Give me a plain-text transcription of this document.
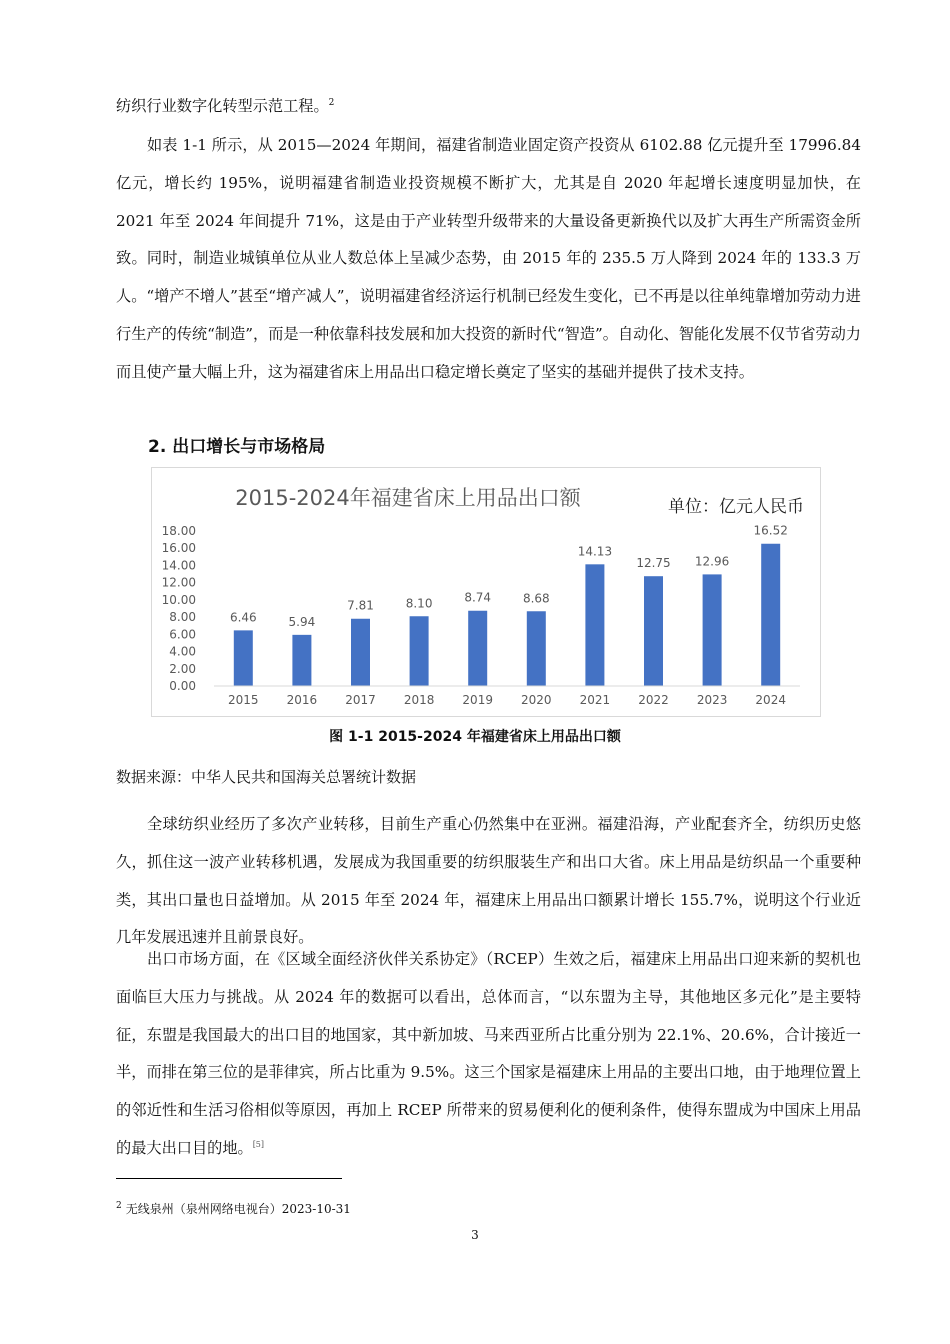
纺织行业数字化转型示范工程。$^2$

如表 1-1 所示，从 2015—2024 年期间，福建省制造业固定资产投资从 6102.88 亿元提升至 17996.84 亿元，增长约 195%，说明福建省制造业投资规模不断扩大，尤其是自 2020 年起增长速度明显加快，在 2021 年至 2024 年间提升 71%，这是由于产业转型升级带来的大量设备更新换代以及扩大再生产所需资金所致。同时，制造业城镇单位从业人数总体上呈减少态势，由 2015 年的 235.5 万人降到 2024 年的 133.3 万人。“增产不增人”甚至“增产减人”，说明福建省经济运行机制已经发生变化，已不再是以往单纯靠增加劳动力进行生产的传统“制造”，而是一种依靠科技发展和加大投资的新时代“智造”。自动化、智能化发展不仅节省劳动力而且使产量大幅上升，这为福建省床上用品出口稳定增长奠定了坚实的基础并提供了技术支持。

2. 出口增长与市场格局
2015-2024年福建省床上用品出口额	单位：亿元人民币
0.00
2.00
4.00
6.00
8.00
10.00
12.00
14.00
16.00
18.00
6.46	5.94
7.81	8.10	8.74	8.68
14.13
12.75 12.96
16.52
2015 2016 2017 2018 2019 2020 2021 2022 2023 2024

图 1-1 2015-2024 年福建省床上用品出口额

数据来源：中华人民共和国海关总署统计数据

全球纺织业经历了多次产业转移，目前生产重心仍然集中在亚洲。福建沿海，产业配套齐全，纺织历史悠久，抓住这一波产业转移机遇，发展成为我国重要的纺织服装生产和出口大省。床上用品是纺织品一个重要种类，其出口量也日益增加。从 2015 年至 2024 年，福建床上用品出口额累计增长 155.7%，说明这个行业近几年发展迅速并且前景良好。

出口市场方面，在《区域全面经济伙伴关系协定》（RCEP）生效之后，福建床上用品出口迎来新的契机也面临巨大压力与挑战。从 2024 年的数据可以看出，总体而言，“以东盟为主导，其他地区多元化”是主要特征，东盟是我国最大的出口目的地国家，其中新加坡、马来西亚所占比重分别为 22.1%、20.6%，合计接近一半，而排在第三位的是菲律宾，所占比重为 9.5%。这三个国家是福建床上用品的主要出口地，由于地理位置上的邻近性和生活习俗相似等原因，再加上 RCEP 所带来的贸易便利化的便利条件，使得东盟成为中国床上用品的最大出口目的地。[5]

$^2$ 无线泉州（泉州网络电视台）2023-10-31

3
